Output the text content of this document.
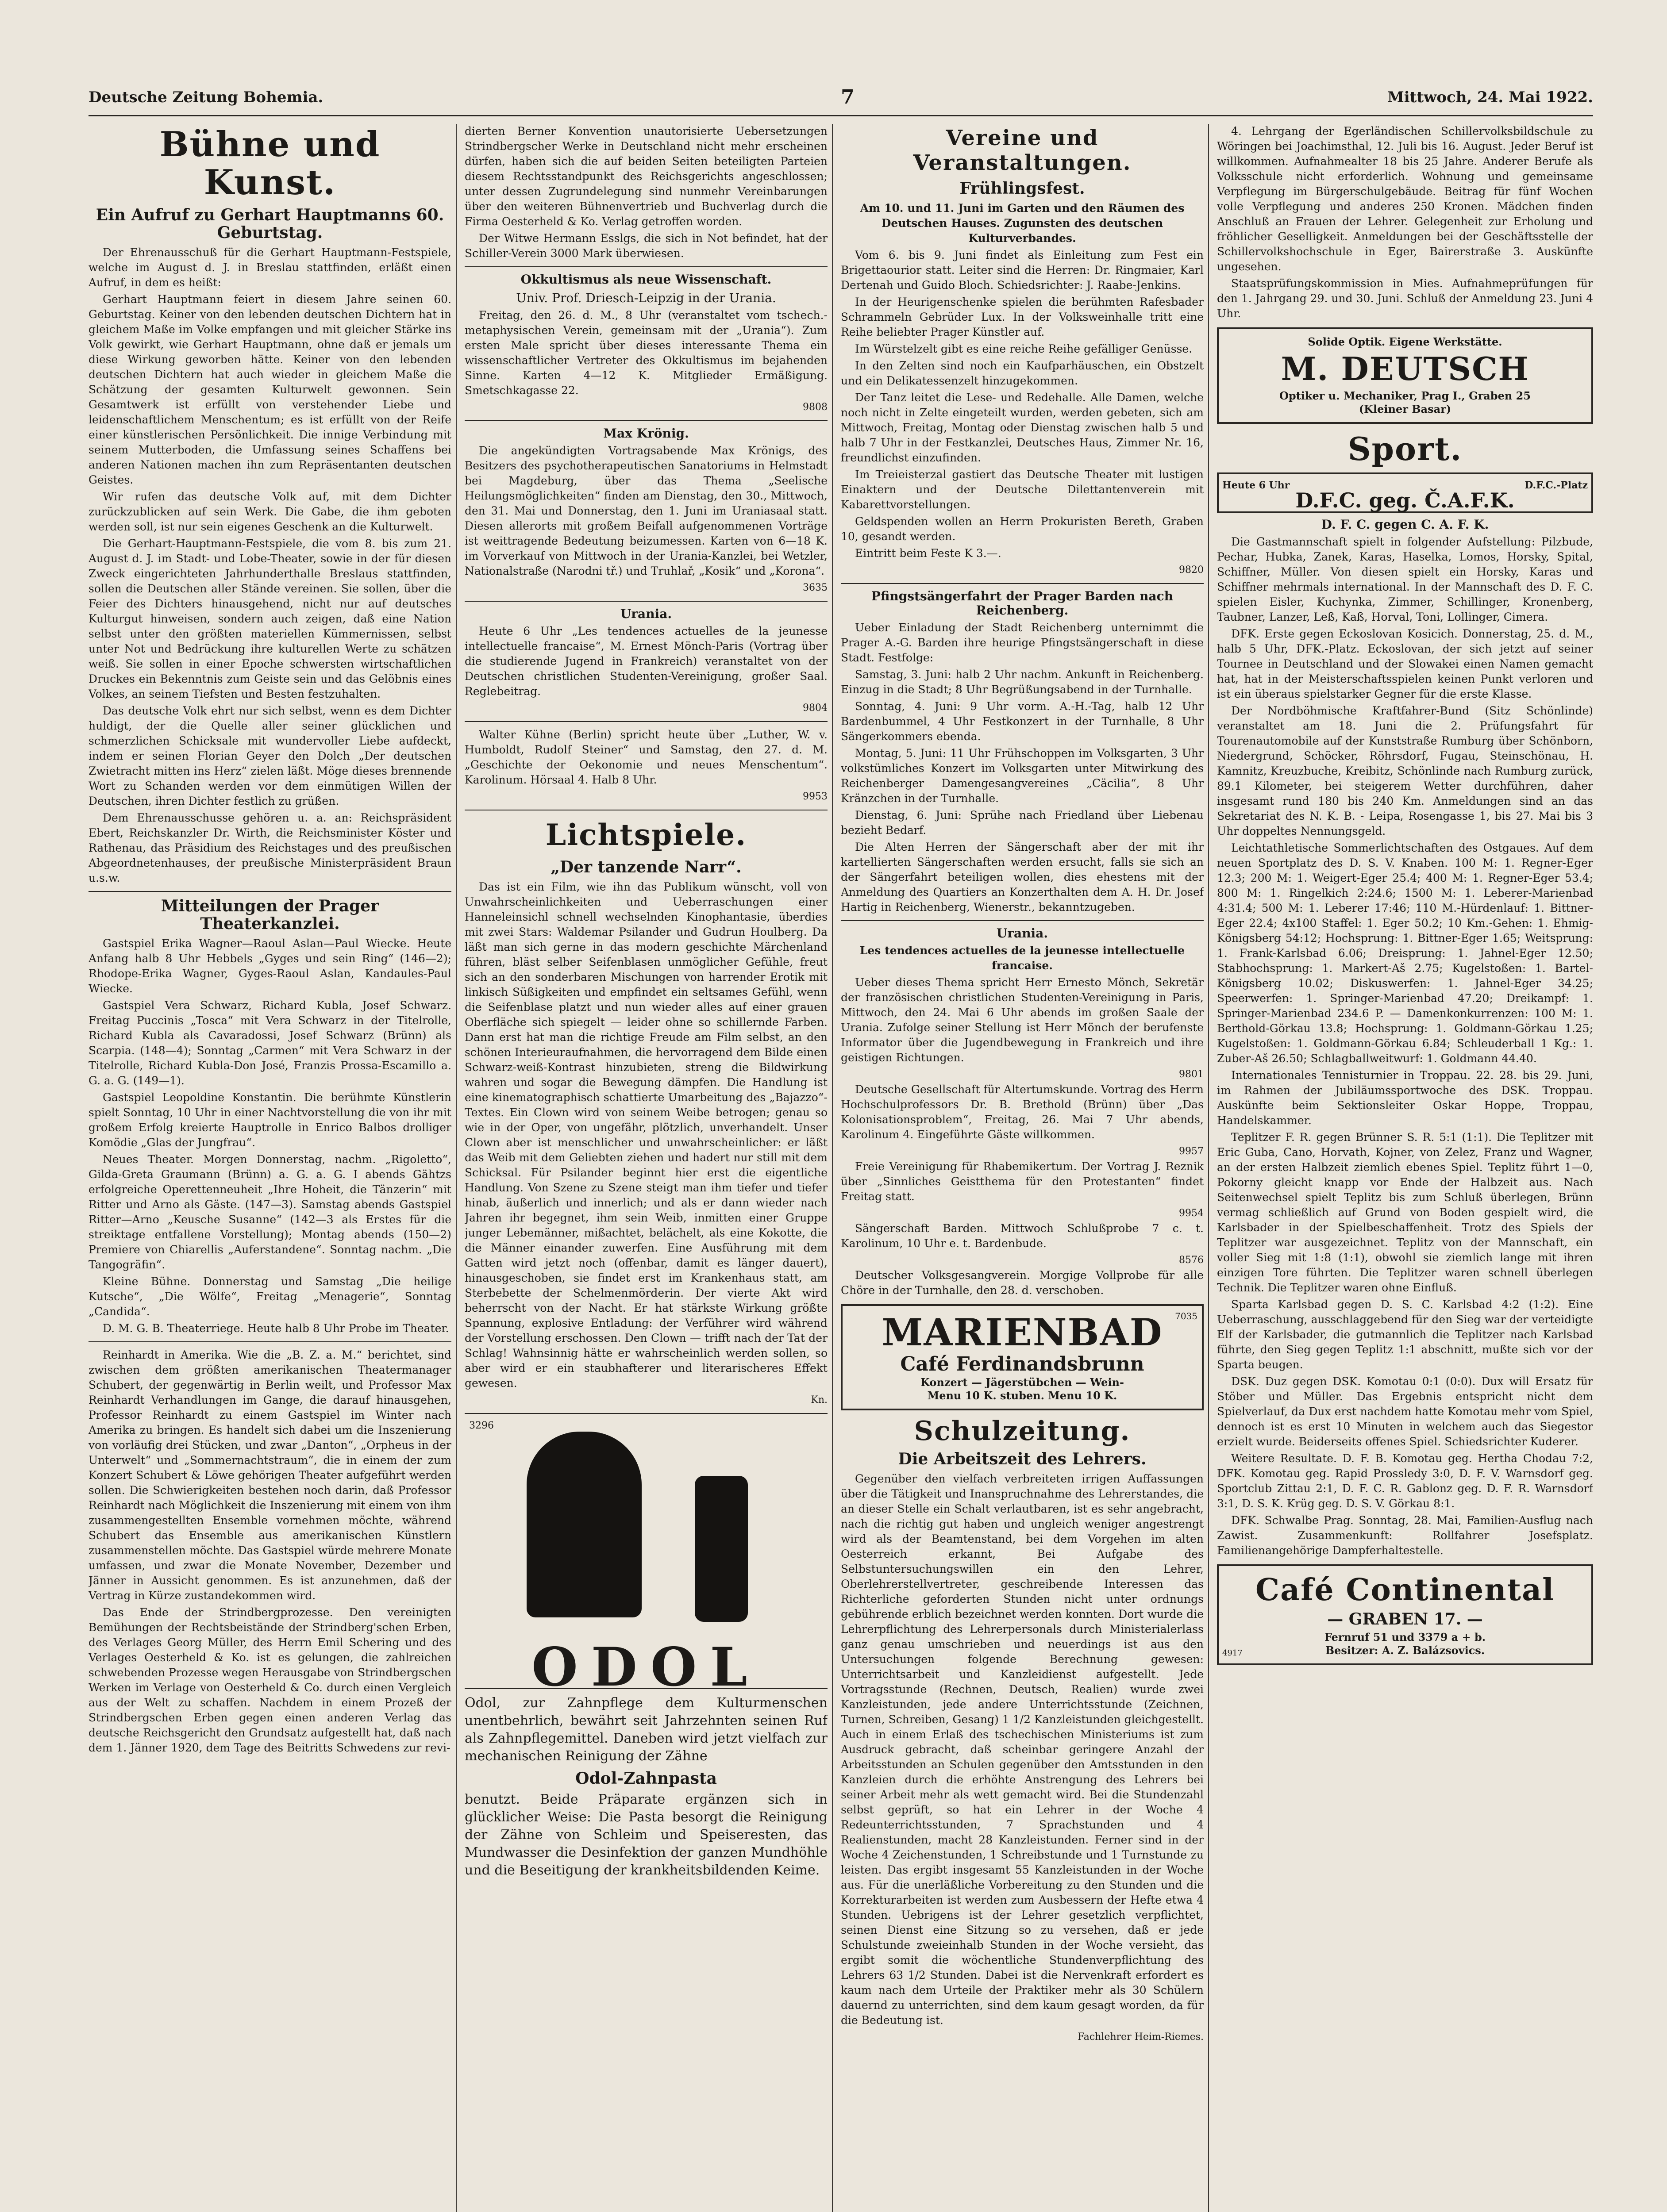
Deutsche Zeitung Bohemia.	7	Mittwoch, 24. Mai 1922.
Bühne und Kunst.
Ein Aufruf zu Gerhart Hauptmanns 60. Geburtstag.

Der Ehrenausschuß für die Gerhart Hauptmann-Festspiele, welche im August d. J. in Breslau stattfinden, erläßt einen Aufruf, in dem es heißt:

Gerhart Hauptmann feiert in diesem Jahre seinen 60. Geburtstag. Keiner von den lebenden deutschen Dichtern hat in gleichem Maße im Volke empfangen und mit gleicher Stärke ins Volk gewirkt, wie Gerhart Hauptmann, ohne daß er jemals um diese Wirkung geworben hätte. Keiner von den lebenden deutschen Dichtern hat auch wieder in gleichem Maße die Schätzung der gesamten Kulturwelt gewonnen. Sein Gesamtwerk ist erfüllt von verstehender Liebe und leidenschaftlichem Menschentum; es ist erfüllt von der Reife einer künstlerischen Persönlichkeit. Die innige Verbindung mit seinem Mutterboden, die Umfassung seines Schaffens bei anderen Nationen machen ihn zum Repräsentanten deutschen Geistes.

Wir rufen das deutsche Volk auf, mit dem Dichter zurückzublicken auf sein Werk. Die Gabe, die ihm geboten werden soll, ist nur sein eigenes Geschenk an die Kulturwelt.

Die Gerhart-Hauptmann-Festspiele, die vom 8. bis zum 21. August d. J. im Stadt- und Lobe-Theater, sowie in der für diesen Zweck eingerichteten Jahrhunderthalle Breslaus stattfinden, sollen die Deutschen aller Stände vereinen. Sie sollen, über die Feier des Dichters hinausgehend, nicht nur auf deutsches Kulturgut hinweisen, sondern auch zeigen, daß eine Nation selbst unter den größten materiellen Kümmernissen, selbst unter Not und Bedrückung ihre kulturellen Werte zu schätzen weiß. Sie sollen in einer Epoche schwersten wirtschaftlichen Druckes ein Bekenntnis zum Geiste sein und das Gelöbnis eines Volkes, an seinem Tiefsten und Besten festzuhalten.

Das deutsche Volk ehrt nur sich selbst, wenn es dem Dichter huldigt, der die Quelle aller seiner glücklichen und schmerzlichen Schicksale mit wundervoller Liebe aufdeckt, indem er seinen Florian Geyer den Dolch „Der deutschen Zwietracht mitten ins Herz“ zielen läßt. Möge dieses brennende Wort zu Schanden werden vor dem einmütigen Willen der Deutschen, ihren Dichter festlich zu grüßen.

Dem Ehrenausschusse gehören u. a. an: Reichspräsident Ebert, Reichskanzler Dr. Wirth, die Reichsminister Köster und Rathenau, das Präsidium des Reichstages und des preußischen Abgeordnetenhauses, der preußische Ministerpräsident Braun u.s.w.

Mitteilungen der Prager Theaterkanzlei.

Gastspiel Erika Wagner—Raoul Aslan—Paul Wiecke. Heute Anfang halb 8 Uhr Hebbels „Gyges und sein Ring“ (146—2); Rhodope-Erika Wagner, Gyges-Raoul Aslan, Kandaules-Paul Wiecke.

Gastspiel Vera Schwarz, Richard Kubla, Josef Schwarz. Freitag Puccinis „Tosca“ mit Vera Schwarz in der Titelrolle, Richard Kubla als Cavaradossi, Josef Schwarz (Brünn) als Scarpia. (148—4); Sonntag „Carmen“ mit Vera Schwarz in der Titelrolle, Richard Kubla-Don José, Franzis Prossa-Escamillo a. G. a. G. (149—1).

Gastspiel Leopoldine Konstantin. Die berühmte Künstlerin spielt Sonntag, 10 Uhr in einer Nachtvorstellung die von ihr mit großem Erfolg kreierte Hauptrolle in Enrico Balbos drolliger Komödie „Glas der Jungfrau“.

Neues Theater. Morgen Donnerstag, nachm. „Rigoletto“, Gilda-Greta Graumann (Brünn) a. G. a. G. I abends Gähtzs erfolgreiche Operettenneuheit „Ihre Hoheit, die Tänzerin“ mit Ritter und Arno als Gäste. (147—3). Samstag abends Gastspiel Ritter—Arno „Keusche Susanne“ (142—3 als Erstes für die streiktage entfallene Vorstellung); Montag abends (150—2) Premiere von Chiarellis „Auferstandene“. Sonntag nachm. „Die Tangogräfin“.

Kleine Bühne. Donnerstag und Samstag „Die heilige Kutsche“, „Die Wölfe“, Freitag „Menagerie“, Sonntag „Candida“.

D. M. G. B. Theaterriege. Heute halb 8 Uhr Probe im Theater.

Reinhardt in Amerika. Wie die „B. Z. a. M.“ berichtet, sind zwischen dem größten amerikanischen Theatermanager Schubert, der gegenwärtig in Berlin weilt, und Professor Max Reinhardt Verhandlungen im Gange, die darauf hinausgehen, Professor Reinhardt zu einem Gastspiel im Winter nach Amerika zu bringen. Es handelt sich dabei um die Inszenierung von vorläufig drei Stücken, und zwar „Danton“, „Orpheus in der Unterwelt“ und „Sommernachtstraum“, die in einem der zum Konzert Schubert & Löwe gehörigen Theater aufgeführt werden sollen. Die Schwierigkeiten bestehen noch darin, daß Professor Reinhardt nach Möglichkeit die Inszenierung mit einem von ihm zusammengestellten Ensemble vornehmen möchte, während Schubert das Ensemble aus amerikanischen Künstlern zusammenstellen möchte. Das Gastspiel würde mehrere Monate umfassen, und zwar die Monate November, Dezember und Jänner in Aussicht genommen. Es ist anzunehmen, daß der Vertrag in Kürze zustandekommen wird.

Das Ende der Strindbergprozesse. Den vereinigten Bemühungen der Rechtsbeistände der Strindberg'schen Erben, des Verlages Georg Müller, des Herrn Emil Schering und des Verlages Oesterheld & Ko. ist es gelungen, die zahlreichen schwebenden Prozesse wegen Herausgabe von Strindbergschen Werken im Verlage von Oesterheld & Co. durch einen Vergleich aus der Welt zu schaffen. Nachdem in einem Prozeß der Strindbergschen Erben gegen einen anderen Verlag das deutsche Reichsgericht den Grundsatz aufgestellt hat, daß nach dem 1. Jänner 1920, dem Tage des Beitritts Schwedens zur revi-

dierten Berner Konvention unautorisierte Uebersetzungen Strindbergscher Werke in Deutschland nicht mehr erscheinen dürfen, haben sich die auf beiden Seiten beteiligten Parteien diesem Rechtsstandpunkt des Reichsgerichts angeschlossen; unter dessen Zugrundelegung sind nunmehr Vereinbarungen über den weiteren Bühnenvertrieb und Buchverlag durch die Firma Oesterheld & Ko. Verlag getroffen worden.

Der Witwe Hermann Esslgs, die sich in Not befindet, hat der Schiller-Verein 3000 Mark überwiesen.

Okkultismus als neue Wissenschaft.
Univ. Prof. Driesch-Leipzig in der Urania.

Freitag, den 26. d. M., 8 Uhr (veranstaltet vom tschech.-metaphysischen Verein, gemeinsam mit der „Urania“). Zum ersten Male spricht über dieses interessante Thema ein wissenschaftlicher Vertreter des Okkultismus im bejahenden Sinne. Karten 4—12 K. Mitglieder Ermäßigung. Smetschkagasse 22.

9808
Max Krönig.

Die angekündigten Vortragsabende Max Krönigs, des Besitzers des psychotherapeutischen Sanatoriums in Helmstadt bei Magdeburg, über das Thema „Seelische Heilungsmöglichkeiten“ finden am Dienstag, den 30., Mittwoch, den 31. Mai und Donnerstag, den 1. Juni im Uraniasaal statt. Diesen allerorts mit großem Beifall aufgenommenen Vorträge ist weittragende Bedeutung beizumessen. Karten von 6—18 K. im Vorverkauf von Mittwoch in der Urania-Kanzlei, bei Wetzler, Nationalstraße (Narodni tř.) und Truhlař, „Kosik“ und „Korona“.

3635
Urania.

Heute 6 Uhr „Les tendences actuelles de la jeunesse intellectuelle francaise“, M. Ernest Mönch-Paris (Vortrag über die studierende Jugend in Frankreich) veranstaltet von der Deutschen christlichen Studenten-Vereinigung, großer Saal. Reglebeitrag.

9804

Walter Kühne (Berlin) spricht heute über „Luther, W. v. Humboldt, Rudolf Steiner“ und Samstag, den 27. d. M. „Geschichte der Oekonomie und neues Menschentum“. Karolinum. Hörsaal 4. Halb 8 Uhr.

9953
Lichtspiele.
„Der tanzende Narr“.

Das ist ein Film, wie ihn das Publikum wünscht, voll von Unwahrscheinlichkeiten und Ueberraschungen einer Hanneleinsichl schnell wechselnden Kinophantasie, überdies mit zwei Stars: Waldemar Psilander und Gudrun Houlberg. Da läßt man sich gerne in das modern geschichte Märchenland führen, bläst selber Seifenblasen unmöglicher Gefühle, freut sich an den sonderbaren Mischungen von harrender Erotik mit linkisch Süßigkeiten und empfindet ein seltsames Gefühl, wenn die Seifenblase platzt und nun wieder alles auf einer grauen Oberfläche sich spiegelt — leider ohne so schillernde Farben. Dann erst hat man die richtige Freude am Film selbst, an den schönen Interieuraufnahmen, die hervorragend dem Bilde einen Schwarz-weiß-Kontrast hinzubieten, streng die Bildwirkung wahren und sogar die Bewegung dämpfen. Die Handlung ist eine kinematographisch schattierte Umarbeitung des „Bajazzo“-Textes. Ein Clown wird von seinem Weibe betrogen; genau so wie in der Oper, von ungefähr, plötzlich, unverhandelt. Unser Clown aber ist menschlicher und unwahrscheinlicher: er läßt das Weib mit dem Geliebten ziehen und hadert nur still mit dem Schicksal. Für Psilander beginnt hier erst die eigentliche Handlung. Von Szene zu Szene steigt man ihm tiefer und tiefer hinab, äußerlich und innerlich; und als er dann wieder nach Jahren ihr begegnet, ihm sein Weib, inmitten einer Gruppe junger Lebemänner, mißachtet, belächelt, als eine Kokotte, die die Männer einander zuwerfen. Eine Ausführung mit dem Gatten wird jetzt noch (offenbar, damit es länger dauert), hinausgeschoben, sie findet erst im Krankenhaus statt, am Sterbebette der Schelmenmörderin. Der vierte Akt wird beherrscht von der Nacht. Er hat stärkste Wirkung größte Spannung, explosive Entladung: der Verführer wird während der Vorstellung erschossen. Den Clown — trifft nach der Tat der Schlag! Wahnsinnig hätte er wahrscheinlich werden sollen, so aber wird er ein staubhafterer und literarischeres Effekt gewesen.

Kn.
3296
ODOL

Odol, zur Zahnpflege dem Kulturmenschen unentbehrlich, bewährt seit Jahrzehnten seinen Ruf als Zahnpflegemittel. Daneben wird jetzt vielfach zur mechanischen Reinigung der Zähne

Odol-Zahnpasta

benutzt. Beide Präparate ergänzen sich in glücklicher Weise: Die Pasta besorgt die Reinigung der Zähne von Schleim und Speiseresten, das Mundwasser die Desinfektion der ganzen Mundhöhle und die Beseitigung der krankheitsbildenden Keime.

Vereine und Veranstaltungen.
Frühlingsfest.

Am 10. und 11. Juni im Garten und den Räumen des Deutschen Hauses. Zugunsten des deutschen Kulturverbandes.

Vom 6. bis 9. Juni findet als Einleitung zum Fest ein Brigettaourior statt. Leiter sind die Herren: Dr. Ringmaier, Karl Dertenah und Guido Bloch. Schiedsrichter: J. Raabe-Jenkins.

In der Heurigenschenke spielen die berühmten Rafesbader Schrammeln Gebrüder Lux. In der Volksweinhalle tritt eine Reihe beliebter Prager Künstler auf.

Im Würstelzelt gibt es eine reiche Reihe gefälliger Genüsse.

In den Zelten sind noch ein Kaufparhäuschen, ein Obstzelt und ein Delikatessenzelt hinzugekommen.

Der Tanz leitet die Lese- und Redehalle. Alle Damen, welche noch nicht in Zelte eingeteilt wurden, werden gebeten, sich am Mittwoch, Freitag, Montag oder Dienstag zwischen halb 5 und halb 7 Uhr in der Festkanzlei, Deutsches Haus, Zimmer Nr. 16, freundlichst einzufinden.

Im Treieisterzal gastiert das Deutsche Theater mit lustigen Einaktern und der Deutsche Dilettantenverein mit Kabarettvorstellungen.

Geldspenden wollen an Herrn Prokuristen Bereth, Graben 10, gesandt werden.

Eintritt beim Feste K 3.—.

9820
Pfingstsängerfahrt der Prager Barden nach Reichenberg.

Ueber Einladung der Stadt Reichenberg unternimmt die Prager A.-G. Barden ihre heurige Pfingstsängerschaft in diese Stadt. Festfolge:

Samstag, 3. Juni: halb 2 Uhr nachm. Ankunft in Reichenberg. Einzug in die Stadt; 8 Uhr Begrüßungsabend in der Turnhalle.

Sonntag, 4. Juni: 9 Uhr vorm. A.-H.-Tag, halb 12 Uhr Bardenbummel, 4 Uhr Festkonzert in der Turnhalle, 8 Uhr Sängerkommers ebenda.

Montag, 5. Juni: 11 Uhr Frühschoppen im Volksgarten, 3 Uhr volkstümliches Konzert im Volksgarten unter Mitwirkung des Reichenberger Damengesangvereines „Cäcilia“, 8 Uhr Kränzchen in der Turnhalle.

Dienstag, 6. Juni: Sprühe nach Friedland über Liebenau bezieht Bedarf.

Die Alten Herren der Sängerschaft aber der mit ihr kartellierten Sängerschaften werden ersucht, falls sie sich an der Sängerfahrt beteiligen wollen, dies ehestens mit der Anmeldung des Quartiers an Konzerthalten dem A. H. Dr. Josef Hartig in Reichenberg, Wienerstr., bekanntzugeben.

Urania.

Les tendences actuelles de la jeunesse intellectuelle francaise.

Ueber dieses Thema spricht Herr Ernesto Mönch, Sekretär der französischen christlichen Studenten-Vereinigung in Paris, Mittwoch, den 24. Mai 6 Uhr abends im großen Saale der Urania. Zufolge seiner Stellung ist Herr Mönch der berufenste Informator über die Jugendbewegung in Frankreich und ihre geistigen Richtungen.

9801

Deutsche Gesellschaft für Altertumskunde. Vortrag des Herrn Hochschulprofessors Dr. B. Brethold (Brünn) über „Das Kolonisationsproblem“, Freitag, 26. Mai 7 Uhr abends, Karolinum 4. Eingeführte Gäste willkommen.

9957

Freie Vereinigung für Rhabemikertum. Der Vortrag J. Reznik über „Sinnliches Geistthema für den Protestanten“ findet Freitag statt.

9954

Sängerschaft Barden. Mittwoch Schlußprobe 7 c. t. Karolinum, 10 Uhr e. t. Bardenbude.

8576

Deutscher Volksgesangverein. Morgige Vollprobe für alle Chöre in der Turnhalle, den 28. d. verschoben.

7035
MARIENBAD
Café Ferdinandsbrunn
Konzert — Jägerstübchen — Wein-
Menu 10 K. stuben. Menu 10 K.
Schulzeitung.
Die Arbeitszeit des Lehrers.

Gegenüber den vielfach verbreiteten irrigen Auffassungen über die Tätigkeit und Inanspruchnahme des Lehrerstandes, die an dieser Stelle ein Schalt verlautbaren, ist es sehr angebracht, nach die richtig gut haben und ungleich weniger angestrengt wird als der Beamtenstand, bei dem Vorgehen im alten Oesterreich erkannt, Bei Aufgabe des Selbstuntersuchungswillen ein den Lehrer, Oberlehrerstellvertreter, geschreibende Interessen das Richterliche geforderten Stunden nicht unter ordnungs gebührende erblich bezeichnet werden konnten. Dort wurde die Lehrerpflichtung des Lehrerpersonals durch Ministerialerlass ganz genau umschrieben und neuerdings ist aus den Untersuchungen folgende Berechnung gewesen: Unterrichtsarbeit und Kanzleidienst aufgestellt. Jede Vortragsstunde (Rechnen, Deutsch, Realien) wurde zwei Kanzleistunden, jede andere Unterrichtsstunde (Zeichnen, Turnen, Schreiben, Gesang) 1 1/2 Kanzleistunden gleichgestellt. Auch in einem Erlaß des tschechischen Ministeriums ist zum Ausdruck gebracht, daß scheinbar geringere Anzahl der Arbeitsstunden an Schulen gegenüber den Amtsstunden in den Kanzleien durch die erhöhte Anstrengung des Lehrers bei seiner Arbeit mehr als wett gemacht wird. Bei die Stundenzahl selbst geprüft, so hat ein Lehrer in der Woche 4 Redeunterrichtsstunden, 7 Sprachstunden und 4 Realienstunden, macht 28 Kanzleistunden. Ferner sind in der Woche 4 Zeichenstunden, 1 Schreibstunde und 1 Turnstunde zu leisten. Das ergibt insgesamt 55 Kanzleistunden in der Woche aus. Für die unerläßliche Vorbereitung zu den Stunden und die Korrekturarbeiten ist werden zum Ausbessern der Hefte etwa 4 Stunden. Uebrigens ist der Lehrer gesetzlich verpflichtet, seinen Dienst eine Sitzung so zu versehen, daß er jede Schulstunde zweieinhalb Stunden in der Woche versieht, das ergibt somit die wöchentliche Stundenverpflichtung des Lehrers 63 1/2 Stunden. Dabei ist die Nervenkraft erfordert es kaum nach dem Urteile der Praktiker mehr als 30 Schülern dauernd zu unterrichten, sind dem kaum gesagt worden, da für die Bedeutung ist.

Fachlehrer Heim-Riemes.

4. Lehrgang der Egerländischen Schillervolksbildschule zu Wöringen bei Joachimsthal, 12. Juli bis 16. August. Jeder Beruf ist willkommen. Aufnahmealter 18 bis 25 Jahre. Anderer Berufe als Volksschule nicht erforderlich. Wohnung und gemeinsame Verpflegung im Bürgerschulgebäude. Beitrag für fünf Wochen volle Verpflegung und anderes 250 Kronen. Mädchen finden Anschluß an Frauen der Lehrer. Gelegenheit zur Erholung und fröhlicher Geselligkeit. Anmeldungen bei der Geschäftsstelle der Schillervolkshochschule in Eger, Bairerstraße 3. Auskünfte ungesehen.

Staatsprüfungskommission in Mies. Aufnahmeprüfungen für den 1. Jahrgang 29. und 30. Juni. Schluß der Anmeldung 23. Juni 4 Uhr.

Solide Optik. Eigene Werkstätte.
M. DEUTSCH
Optiker u. Mechaniker, Prag I., Graben 25
(Kleiner Basar)
Sport.
Heute 6 Uhr	D.F.C.-Platz
D.F.C. geg. Č.A.F.K.
D. F. C. gegen C. A. F. K.

Die Gastmannschaft spielt in folgender Aufstellung: Pilzbude, Pechar, Hubka, Zanek, Karas, Haselka, Lomos, Horsky, Spital, Schiffner, Müller. Von diesen spielt ein Horsky, Karas und Schiffner mehrmals international. In der Mannschaft des D. F. C. spielen Eisler, Kuchynka, Zimmer, Schillinger, Kronenberg, Taubner, Lanzer, Leß, Kaß, Horval, Toni, Lollinger, Cimera.

DFK. Erste gegen Eckoslovan Kosicich. Donnerstag, 25. d. M., halb 5 Uhr, DFK.-Platz. Eckoslovan, der sich jetzt auf seiner Tournee in Deutschland und der Slowakei einen Namen gemacht hat, hat in der Meisterschaftsspielen keinen Punkt verloren und ist ein überaus spielstarker Gegner für die erste Klasse.

Der Nordböhmische Kraftfahrer-Bund (Sitz Schönlinde) veranstaltet am 18. Juni die 2. Prüfungsfahrt für Tourenautomobile auf der Kunststraße Rumburg über Schönborn, Niedergrund, Schöcker, Röhrsdorf, Fugau, Steinschönau, H. Kamnitz, Kreuzbuche, Kreibitz, Schönlinde nach Rumburg zurück, 89.1 Kilometer, bei steigerem Wetter durchführen, daher insgesamt rund 180 bis 240 Km. Anmeldungen sind an das Sekretariat des N. K. B. - Leipa, Rosengasse 1, bis 27. Mai bis 3 Uhr doppeltes Nennungsgeld.

Leichtathletische Sommerlichtschaften des Ostgaues. Auf dem neuen Sportplatz des D. S. V. Knaben. 100 M: 1. Regner-Eger 12.3; 200 M: 1. Weigert-Eger 25.4; 400 M: 1. Regner-Eger 53.4; 800 M: 1. Ringelkich 2:24.6; 1500 M: 1. Leberer-Marienbad 4:31.4; 500 M: 1. Leberer 17:46; 110 M.-Hürdenlauf: 1. Bittner-Eger 22.4; 4x100 Staffel: 1. Eger 50.2; 10 Km.-Gehen: 1. Ehmig-Königsberg 54:12; Hochsprung: 1. Bittner-Eger 1.65; Weitsprung: 1. Frank-Karlsbad 6.06; Dreisprung: 1. Jahnel-Eger 12.50; Stabhochsprung: 1. Markert-Aš 2.75; Kugelstoßen: 1. Bartel-Königsberg 10.02; Diskuswerfen: 1. Jahnel-Eger 34.25; Speerwerfen: 1. Springer-Marienbad 47.20; Dreikampf: 1. Springer-Marienbad 234.6 P. — Damenkonkurrenzen: 100 M: 1. Berthold-Görkau 13.8; Hochsprung: 1. Goldmann-Görkau 1.25; Kugelstoßen: 1. Goldmann-Görkau 6.84; Schleuderball 1 Kg.: 1. Zuber-Aš 26.50; Schlagballweitwurf: 1. Goldmann 44.40.

Internationales Tennisturnier in Troppau. 22. 28. bis 29. Juni, im Rahmen der Jubiläumssportwoche des DSK. Troppau. Auskünfte beim Sektionsleiter Oskar Hoppe, Troppau, Handelskammer.

Teplitzer F. R. gegen Brünner S. R. 5:1 (1:1). Die Teplitzer mit Eric Guba, Cano, Horvath, Kojner, von Zelez, Franz und Wagner, an der ersten Halbzeit ziemlich ebenes Spiel. Teplitz führt 1—0, Pokorny gleicht knapp vor Ende der Halbzeit aus. Nach Seitenwechsel spielt Teplitz bis zum Schluß überlegen, Brünn vermag schließlich auf Grund von Boden gespielt wird, die Karlsbader in der Spielbeschaffenheit. Trotz des Spiels der Teplitzer war ausgezeichnet. Teplitz von der Mannschaft, ein voller Sieg mit 1:8 (1:1), obwohl sie ziemlich lange mit ihren einzigen Tore führten. Die Teplitzer waren schnell überlegen Technik. Die Teplitzer waren ohne Einfluß.

Sparta Karlsbad gegen D. S. C. Karlsbad 4:2 (1:2). Eine Ueberraschung, ausschlaggebend für den Sieg war der verteidigte Elf der Karlsbader, die gutmannlich die Teplitzer nach Karlsbad führte, den Sieg gegen Teplitz 1:1 abschnitt, mußte sich vor der Sparta beugen.

DSK. Duz gegen DSK. Komotau 0:1 (0:0). Dux will Ersatz für Stöber und Müller. Das Ergebnis entspricht nicht dem Spielverlauf, da Dux erst nachdem hatte Komotau mehr vom Spiel, dennoch ist es erst 10 Minuten in welchem auch das Siegestor erzielt wurde. Beiderseits offenes Spiel. Schiedsrichter Kuderer.

Weitere Resultate. D. F. B. Komotau geg. Hertha Chodau 7:2, DFK. Komotau geg. Rapid Prossledy 3:0, D. F. V. Warnsdorf geg. Sportclub Zittau 2:1, D. F. C. R. Gablonz geg. D. F. R. Warnsdorf 3:1, D. S. K. Krüg geg. D. S. V. Görkau 8:1.

DFK. Schwalbe Prag. Sonntag, 28. Mai, Familien-Ausflug nach Zawist. Zusammenkunft: Rollfahrer Josefsplatz. Familienangehörige Dampferhaltestelle.

Café Continental
— GRABEN 17. —
Fernruf 51 und 3379 a + b.
Besitzer: A. Z. Balázsovics.
4917
